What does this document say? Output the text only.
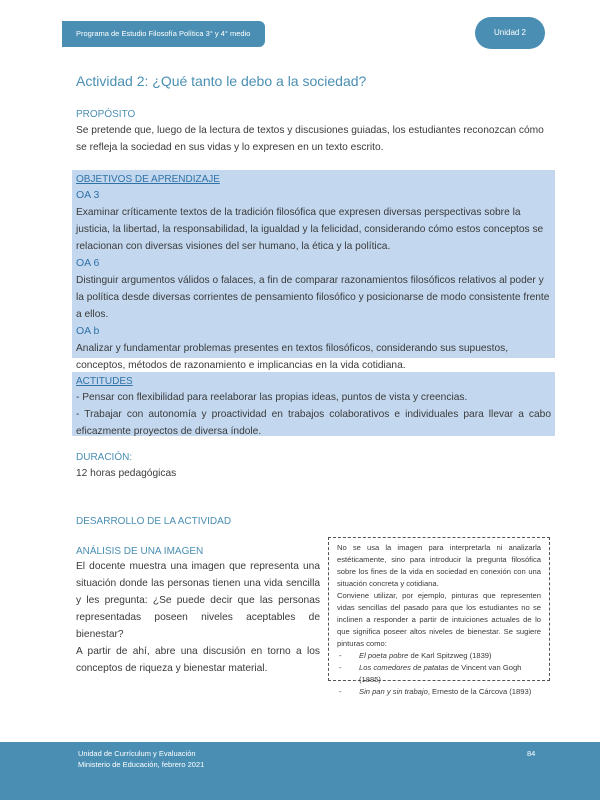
Programa de Estudio Filosofía Política 3° y 4° medio	Unidad 2
Actividad 2: ¿Qué tanto le debo a la sociedad?
PROPÓSITO
Se pretende que, luego de la lectura de textos y discusiones guiadas, los estudiantes reconozcan cómo se refleja la sociedad en sus vidas y lo expresen en un texto escrito.
OBJETIVOS DE APRENDIZAJE
OA 3
Examinar críticamente textos de la tradición filosófica que expresen diversas perspectivas sobre la justicia, la libertad, la responsabilidad, la igualdad y la felicidad, considerando cómo estos conceptos se relacionan con diversas visiones del ser humano, la ética y la política.
OA 6
Distinguir argumentos válidos o falaces, a fin de comparar razonamientos filosóficos relativos al poder y la política desde diversas corrientes de pensamiento filosófico y posicionarse de modo consistente frente a ellos.
OA b
Analizar y fundamentar problemas presentes en textos filosóficos, considerando sus supuestos, conceptos, métodos de razonamiento e implicancias en la vida cotidiana.
ACTITUDES
- Pensar con flexibilidad para reelaborar las propias ideas, puntos de vista y creencias.
- Trabajar con autonomía y proactividad en trabajos colaborativos e individuales para llevar a cabo eficazmente proyectos de diversa índole.
DURACIÓN:
12 horas pedagógicas
DESARROLLO DE LA ACTIVIDAD
ANÁLISIS DE UNA IMAGEN
El docente muestra una imagen que representa una situación donde las personas tienen una vida sencilla y les pregunta: ¿Se puede decir que las personas representadas poseen niveles aceptables de bienestar?
A partir de ahí, abre una discusión en torno a los conceptos de riqueza y bienestar material.
No se usa la imagen para interpretarla ni analizarla estéticamente, sino para introducir la pregunta filosófica sobre los fines de la vida en sociedad en conexión con una situación concreta y cotidiana.
Conviene utilizar, por ejemplo, pinturas que representen vidas sencillas del pasado para que los estudiantes no se inclinen a responder a partir de intuiciones actuales de lo que significa poseer altos niveles de bienestar. Se sugiere pinturas como:
- El poeta pobre de Karl Spitzweg (1839)
- Los comedores de patatas de Vincent van Gogh (1885)
- Sin pan y sin trabajo, Ernesto de la Cárcova (1893)
Unidad de Currículum y Evaluación
Ministerio de Educación, febrero 2021
84
